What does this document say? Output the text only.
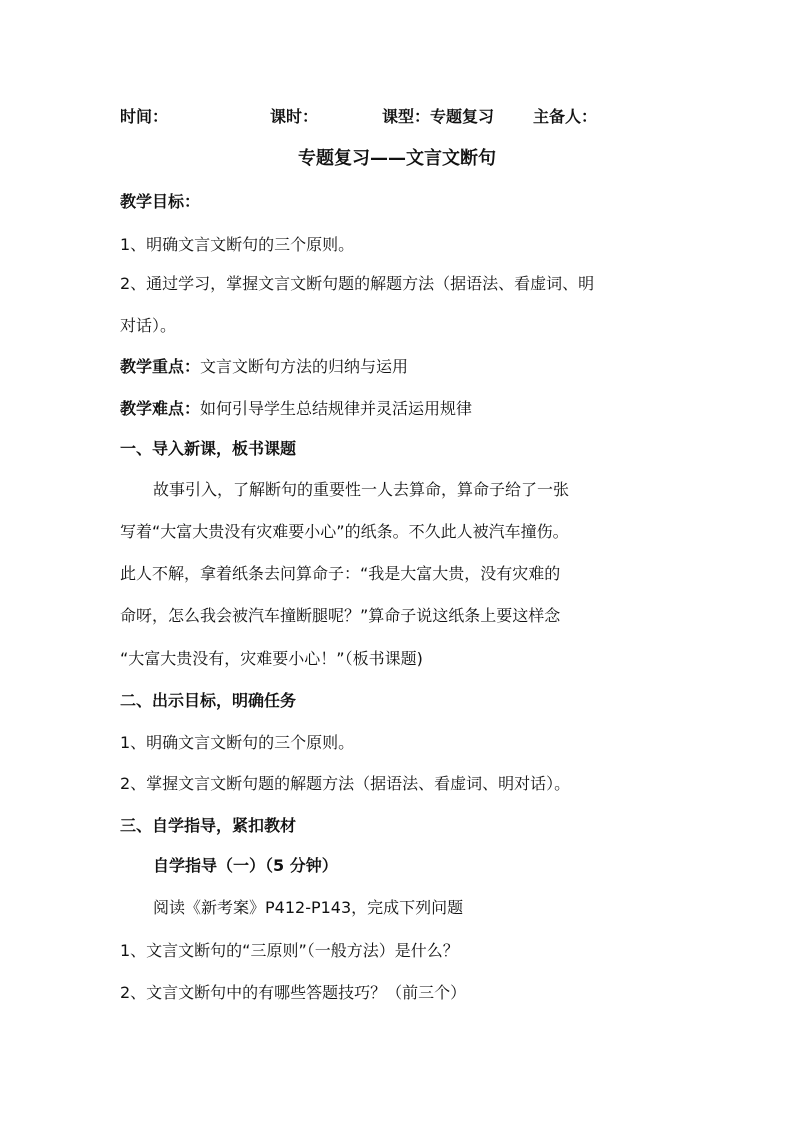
时间：	课时：	课型：专题复习 主备人：
专题复习——文言文断句
教学目标：
1、明确文言文断句的三个原则。
2、通过学习，掌握文言文断句题的解题方法（据语法、看虚词、明
对话）。
教学重点：文言文断句方法的归纳与运用
教学难点：如何引导学生总结规律并灵活运用规律
一、导入新课，板书课题
故事引入，了解断句的重要性一人去算命，算命子给了一张
写着“大富大贵没有灾难要小心”的纸条。不久此人被汽车撞伤。
此人不解，拿着纸条去问算命子：“我是大富大贵，没有灾难的
命呀，怎么我会被汽车撞断腿呢？”算命子说这纸条上要这样念
“大富大贵没有，灾难要小心！”（板书课题)
二、出示目标，明确任务
1、明确文言文断句的三个原则。
2、掌握文言文断句题的解题方法（据语法、看虚词、明对话）。
三、自学指导，紧扣教材
自学指导（一）（5 分钟）
阅读《新考案》P412-P143，完成下列问题
1、文言文断句的“三原则”（一般方法）是什么？
2、文言文断句中的有哪些答题技巧？（前三个）
